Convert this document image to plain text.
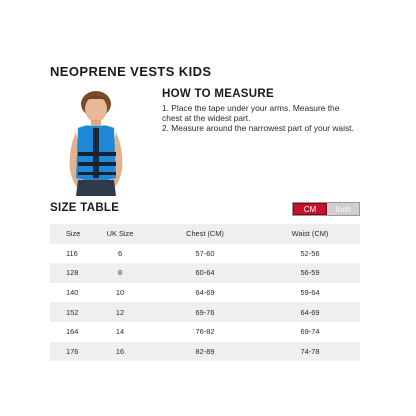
NEOPRENE VESTS KIDS
HOW TO MEASURE

1. Place the tape under your arms. Measure the chest at the widest part.

2. Measure around the narrowest part of your waist.

SIZE TABLE	CM	Inch
Size	UK Size	Chest (CM)	Waist (CM)
116	6	57-60	52-56
128	8	60-64	56-59
140	10	64-69	59-64
152	12	69-76	64-69
164	14	76-82	69-74
176	16	82-89	74-78
